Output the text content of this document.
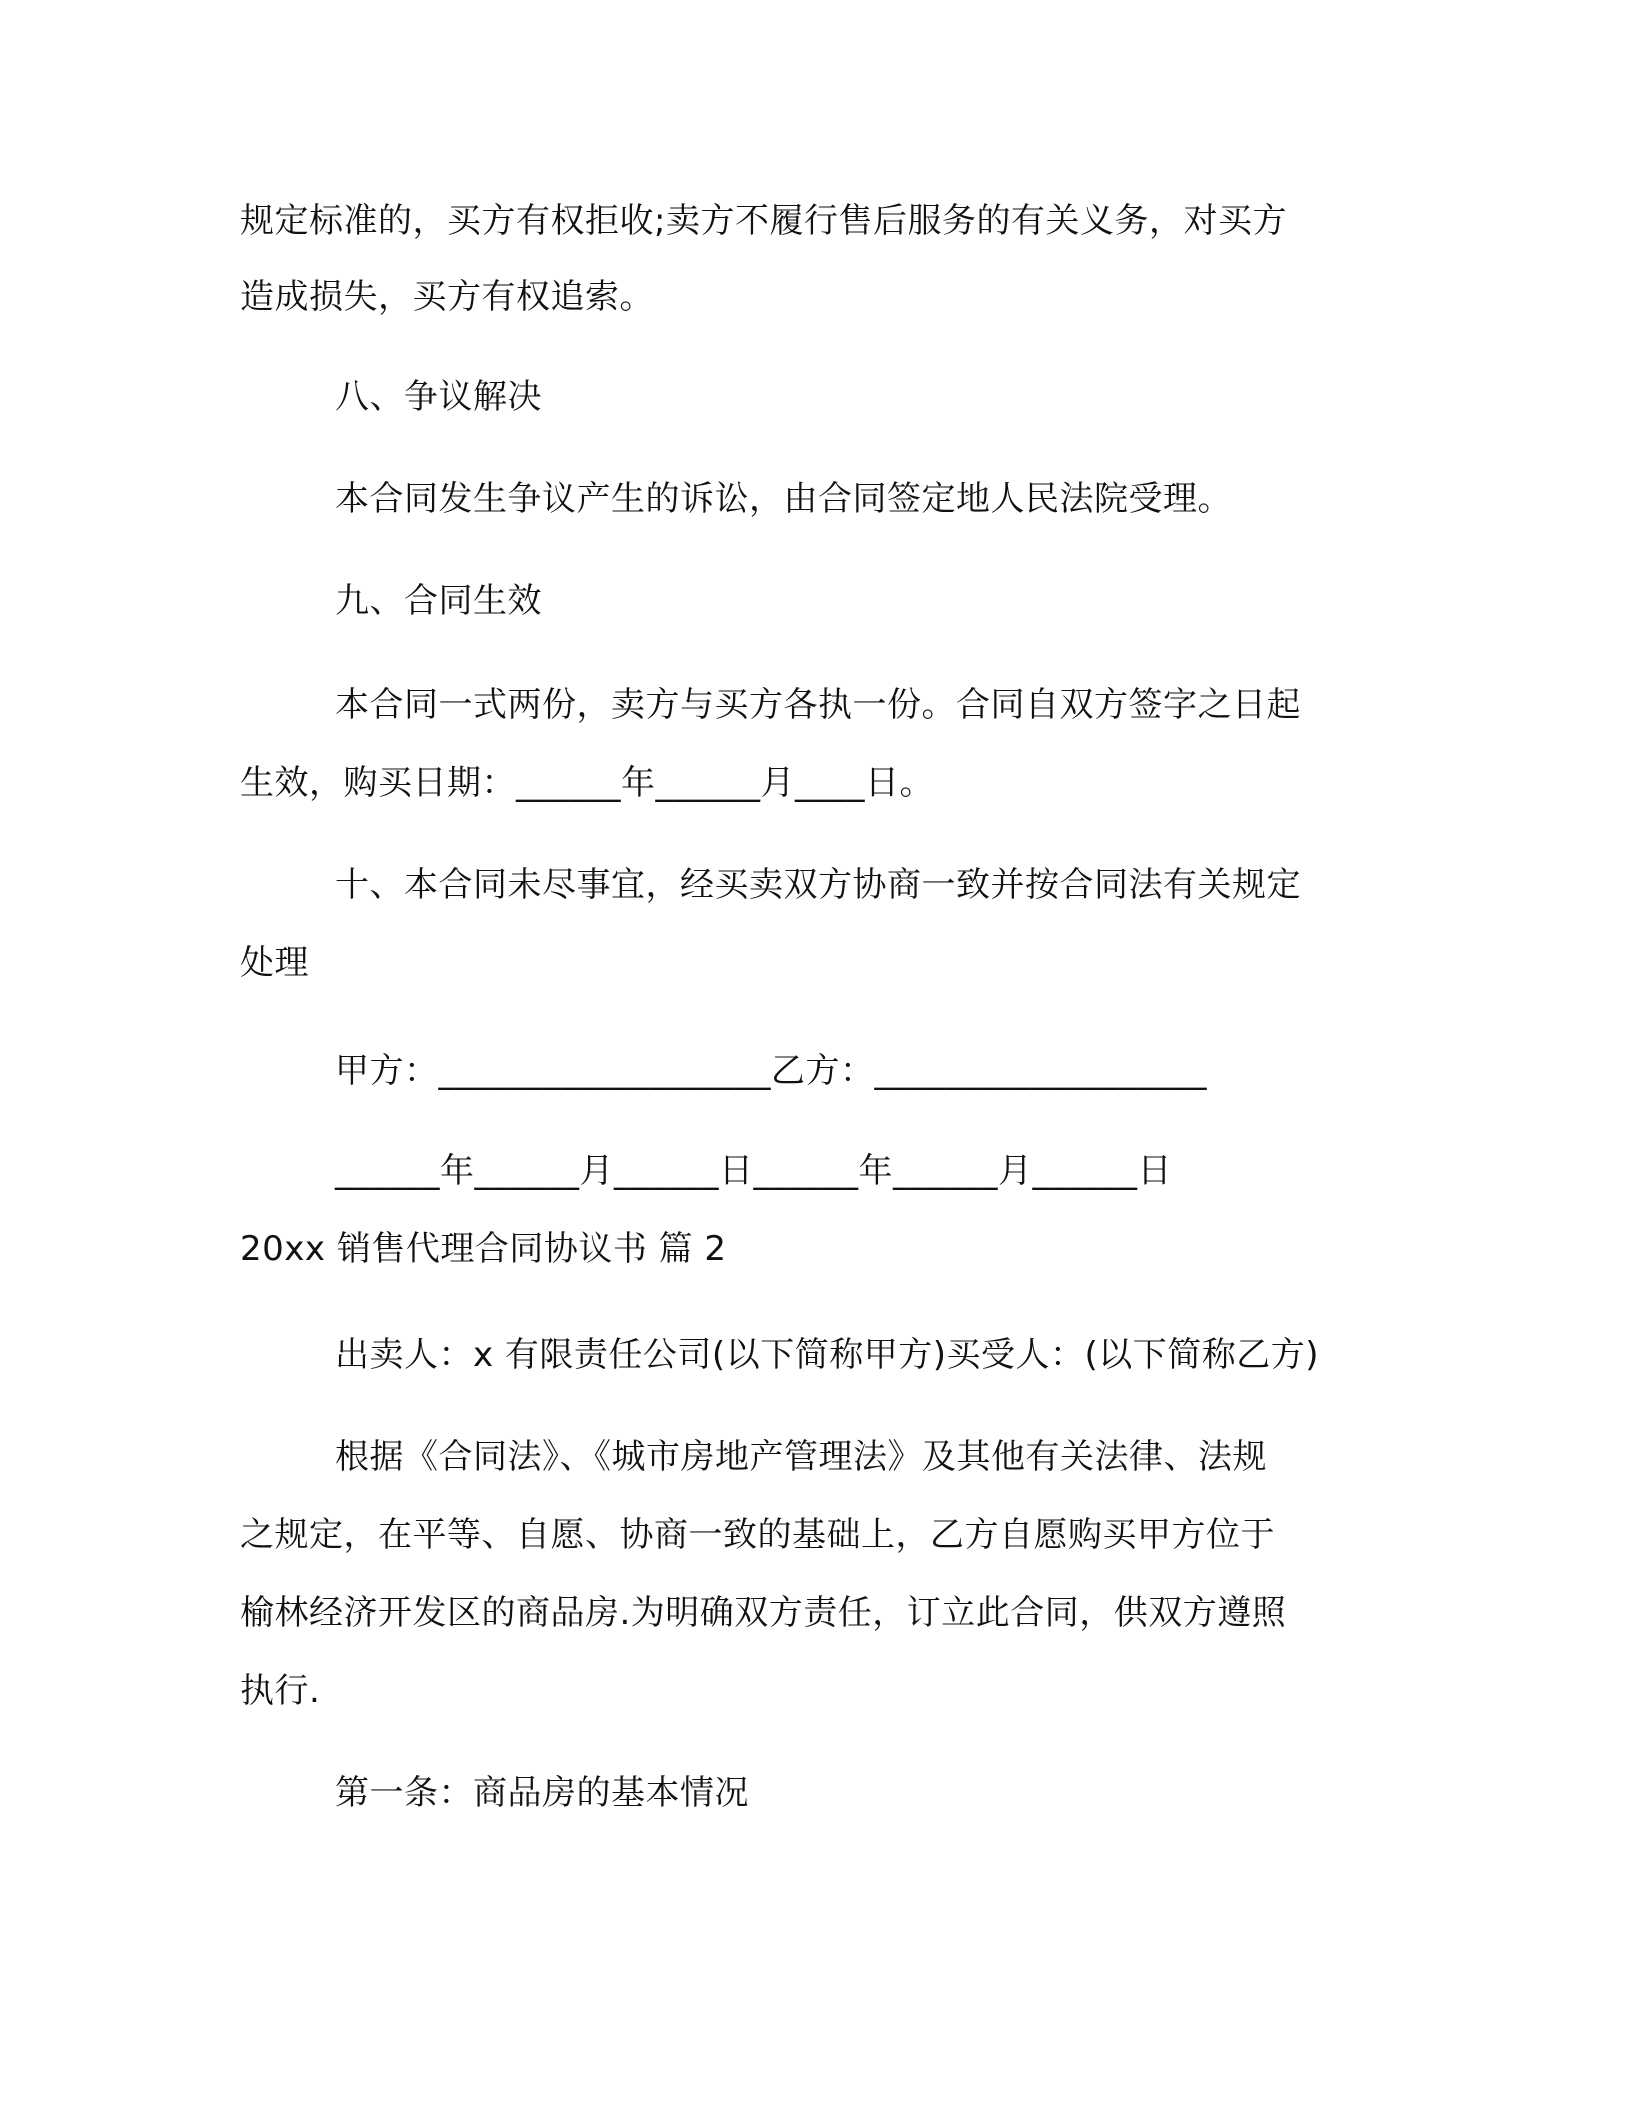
规定标准的，买方有权拒收;卖方不履行售后服务的有关义务，对买方
造成损失，买方有权追索。
八、争议解决
本合同发生争议产生的诉讼，由合同签定地人民法院受理。
九、合同生效
本合同一式两份，卖方与买方各执一份。合同自双方签字之日起
生效，购买日期：______年______月____日。
十、本合同未尽事宜，经买卖双方协商一致并按合同法有关规定
处理
甲方：___________________乙方：___________________
______年______月______日______年______月______日
20xx 销售代理合同协议书 篇 2
出卖人：x 有限责任公司(以下简称甲方)买受人：(以下简称乙方)
根据《合同法》、《城市房地产管理法》及其他有关法律、法规
之规定，在平等、自愿、协商一致的基础上，乙方自愿购买甲方位于
榆林经济开发区的商品房.为明确双方责任，订立此合同，供双方遵照
执行.
第一条：商品房的基本情况
